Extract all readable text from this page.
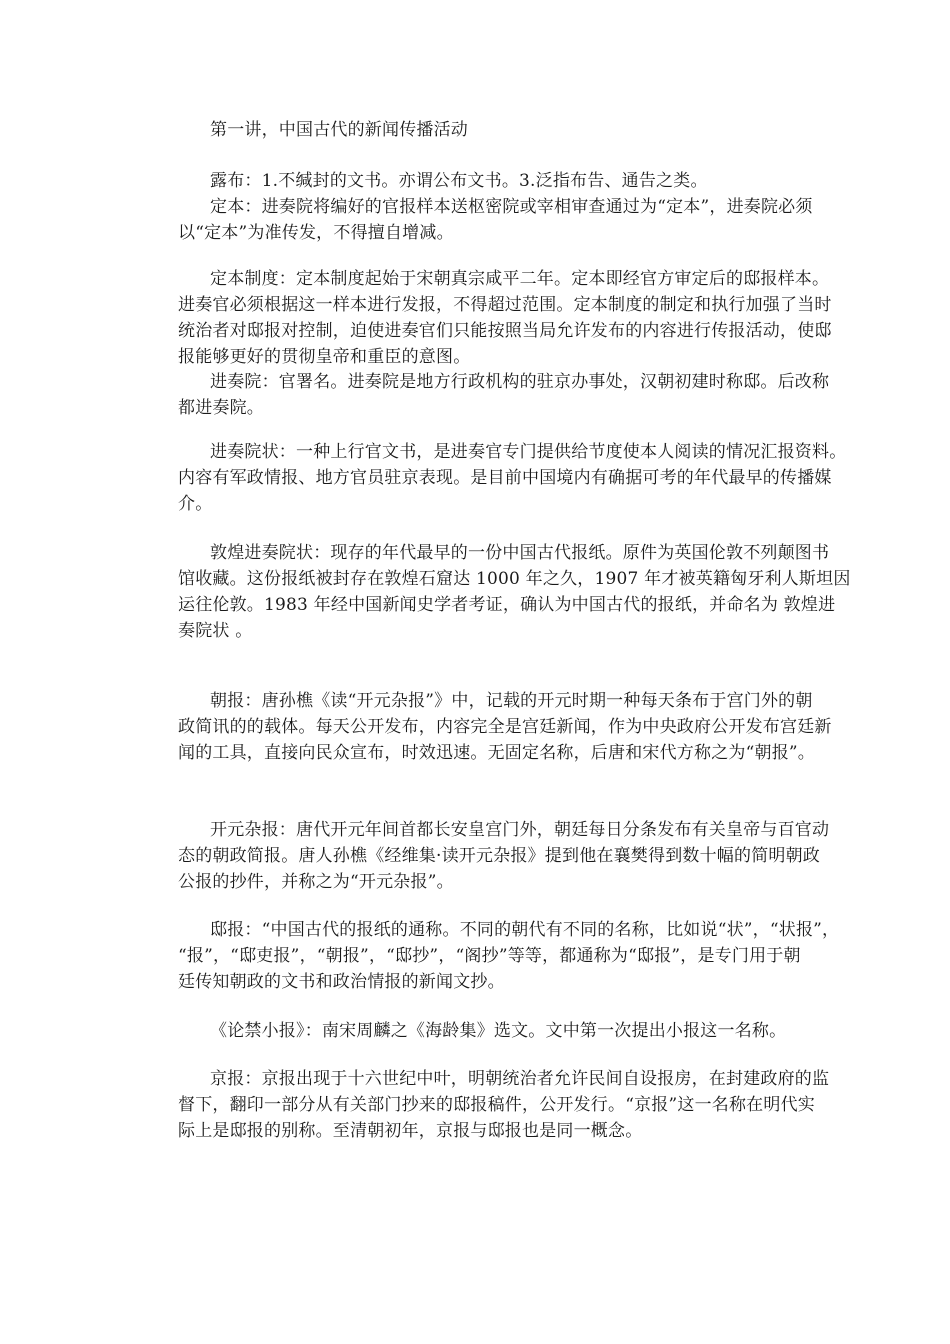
第一讲，中国古代的新闻传播活动
露布：1.不缄封的文书。亦谓公布文书。3.泛指布告、通告之类。
定本：进奏院将编好的官报样本送枢密院或宰相审查通过为“定本”，进奏院必须
以“定本”为准传发，不得擅自增减。
定本制度：定本制度起始于宋朝真宗咸平二年。定本即经官方审定后的邸报样本。
进奏官必须根据这一样本进行发报，不得超过范围。定本制度的制定和执行加强了当时
统治者对邸报对控制，迫使进奏官们只能按照当局允许发布的内容进行传报活动，使邸
报能够更好的贯彻皇帝和重臣的意图。
进奏院：官署名。进奏院是地方行政机构的驻京办事处，汉朝初建时称邸。后改称
都进奏院。
进奏院状：一种上行官文书，是进奏官专门提供给节度使本人阅读的情况汇报资料。
内容有军政情报、地方官员驻京表现。是目前中国境内有确据可考的年代最早的传播媒
介。
敦煌进奏院状：现存的年代最早的一份中国古代报纸。原件为英国伦敦不列颠图书
馆收藏。这份报纸被封存在敦煌石窟达 1000 年之久，1907 年才被英籍匈牙利人斯坦因
运往伦敦。1983 年经中国新闻史学者考证，确认为中国古代的报纸，并命名为 敦煌进
奏院状 。
朝报：唐孙樵《读“开元杂报”》中，记载的开元时期一种每天条布于宫门外的朝
政简讯的的载体。每天公开发布，内容完全是宫廷新闻，作为中央政府公开发布宫廷新
闻的工具，直接向民众宣布，时效迅速。无固定名称，后唐和宋代方称之为“朝报”。
开元杂报：唐代开元年间首都长安皇宫门外，朝廷每日分条发布有关皇帝与百官动
态的朝政简报。唐人孙樵《经维集·读开元杂报》提到他在襄樊得到数十幅的简明朝政
公报的抄件，并称之为“开元杂报”。
邸报：“中国古代的报纸的通称。不同的朝代有不同的名称，比如说“状”，“状报”，
“报”，“邸吏报”，“朝报”，“邸抄”，“阁抄”等等，都通称为“邸报”，是专门用于朝
廷传知朝政的文书和政治情报的新闻文抄。
《论禁小报》：南宋周麟之《海龄集》选文。文中第一次提出小报这一名称。
京报：京报出现于十六世纪中叶，明朝统治者允许民间自设报房，在封建政府的监
督下，翻印一部分从有关部门抄来的邸报稿件，公开发行。“京报”这一名称在明代实
际上是邸报的别称。至清朝初年，京报与邸报也是同一概念。
